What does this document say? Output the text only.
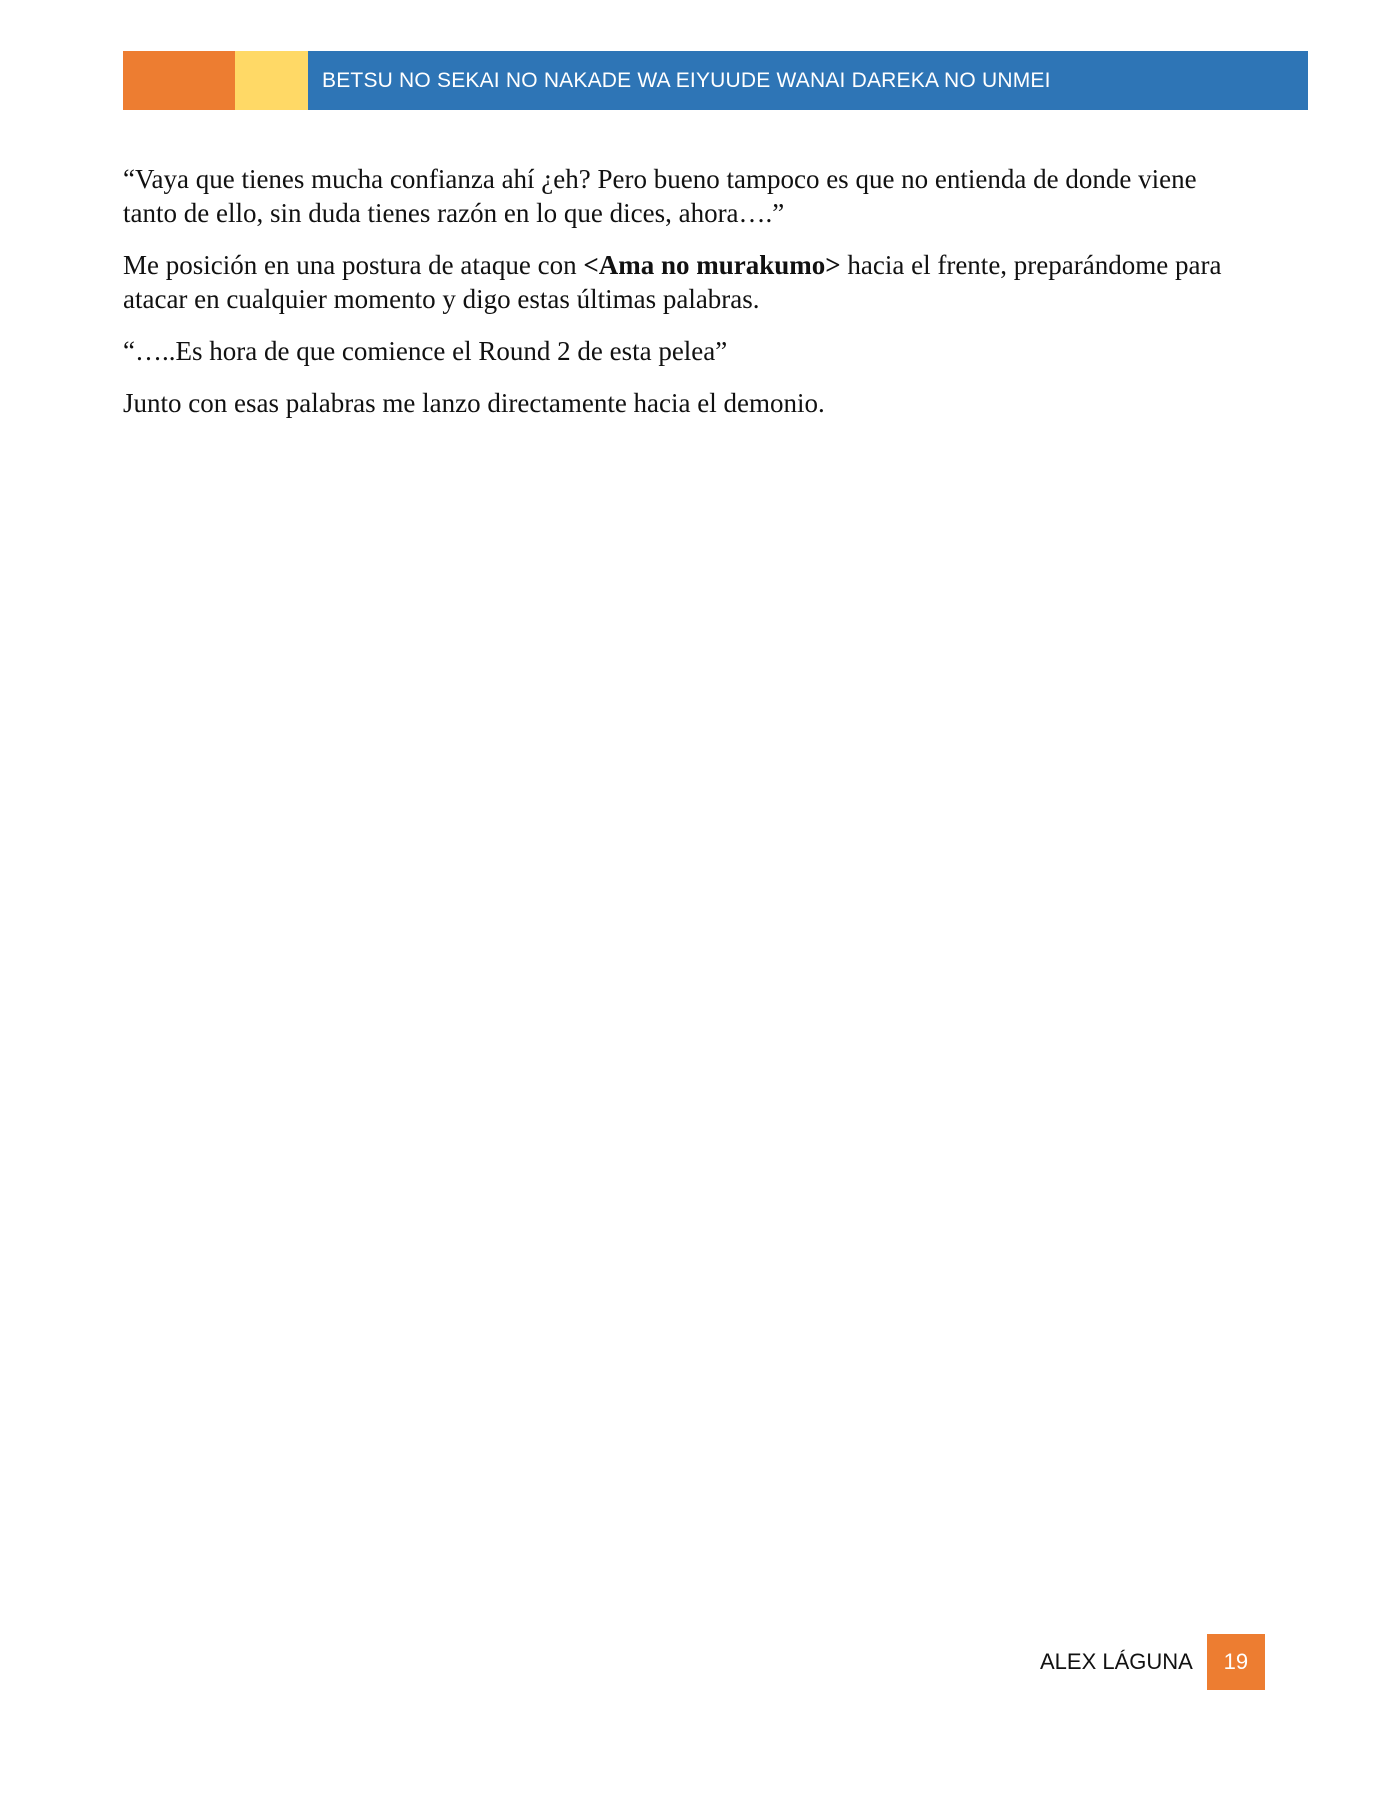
BETSU NO SEKAI NO NAKADE WA EIYUUDE WANAI DAREKA NO UNMEI

“Vaya que tienes mucha confianza ahí ¿eh? Pero bueno tampoco es que no entienda de donde viene tanto de ello, sin duda tienes razón en lo que dices, ahora….”

Me posición en una postura de ataque con <Ama no murakumo> hacia el frente, preparándome para atacar en cualquier momento y digo estas últimas palabras.

“…..Es hora de que comience el Round 2 de esta pelea”

Junto con esas palabras me lanzo directamente hacia el demonio.

ALEX LÁGUNA 19
